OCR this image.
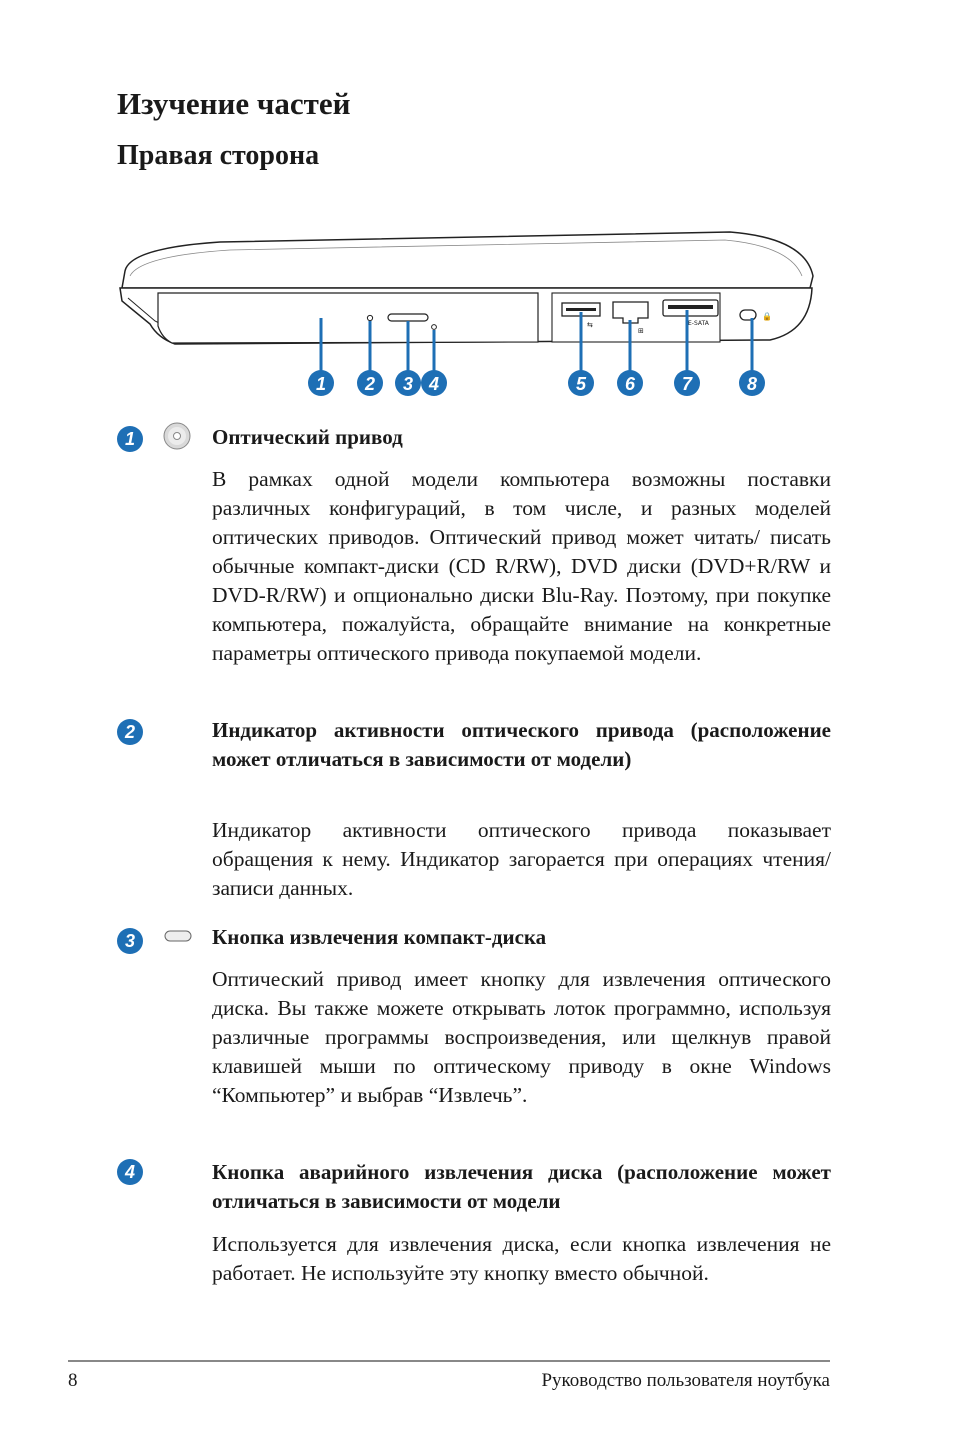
Изучение частей
Правая сторона
⇆
⊞
E-SATA
🔒
1 2 3 4	5 6	7	8
1	Оптический привод
В рамках одной модели компьютера возможны поставки различных конфигураций, в том числе, и разных моделей оптических приводов. Оптический привод может читать/ писать обычные компакт-диски (CD R/RW), DVD диски (DVD+R/RW и DVD-R/RW) и опционально диски Blu-Ray. Поэтому, при покупке компьютера, пожалуйста, обращайте внимание на конкретные параметры оптического привода покупаемой модели.
2	Индикатор активности оптического привода (расположение может отличаться в зависимости от модели)
Индикатор активности оптического привода показывает обращения к нему. Индикатор загорается при операциях чтения/записи данных.
3	Кнопка извлечения компакт-диска
Оптический привод имеет кнопку для извлечения оптического диска. Вы также можете открывать лоток программно, используя различные программы воспроизведения, или щелкнув правой клавишей мыши по оптическому приводу в окне Windows “Компьютер” и выбрав “Извлечь”.
4	Кнопка аварийного извлечения диска (расположение может отличаться в зависимости от модели
Используется для извлечения диска, если кнопка извлечения не работает. Не используйте эту кнопку вместо обычной.
8	Руководство пользователя ноутбука
